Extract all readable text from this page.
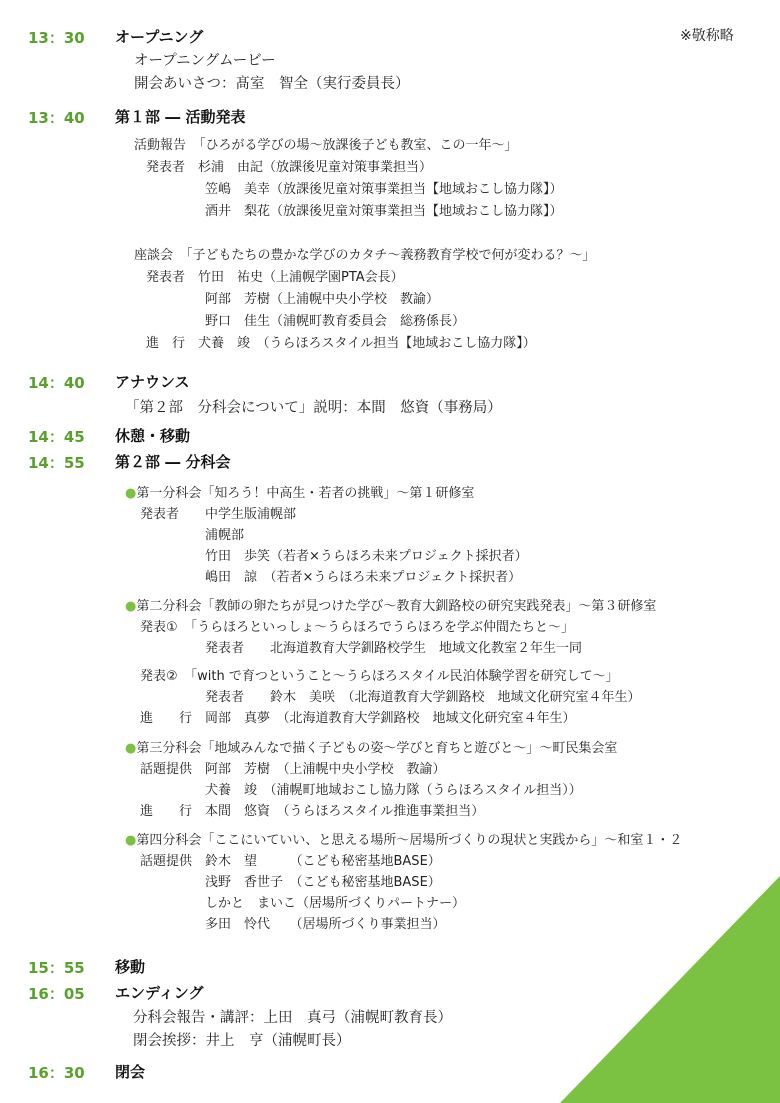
※敬称略
13：30 オープニング
オープニングムービー
開会あいさつ：髙室　智全（実行委員長）
13：40 第１部 ― 活動発表
活動報告　「ひろがる学びの場～放課後子ども教室、この一年～」
発表者　杉浦　由記（放課後児童対策事業担当）
笠嶋　美幸（放課後児童対策事業担当【地域おこし協力隊】）
酒井　梨花（放課後児童対策事業担当【地域おこし協力隊】）
座談会　「子どもたちの豊かな学びのカタチ～義務教育学校で何が変わる？～」
発表者　竹田　祐史（上浦幌学園PTA会長）
阿部　芳樹（上浦幌中央小学校　教諭）
野口　佳生（浦幌町教育委員会　総務係長）
進　行　犬養　竣　（うらほろスタイル担当【地域おこし協力隊】）
14：40 アナウンス
「第２部　分科会について」説明：本間　悠資（事務局）
14：45 休憩・移動
14：55 第２部 ― 分科会
●第一分科会「知ろう！中高生・若者の挑戦」～第１研修室
発表者　　中学生版浦幌部
浦幌部
竹田　歩笑（若者×うらほろ未来プロジェクト採択者）
嶋田　諒　（若者×うらほろ未来プロジェクト採択者）
●第二分科会「教師の卵たちが見つけた学び～教育大釧路校の研究実践発表」～第３研修室
発表①　「うらほろといっしょ～うらほろでうらほろを学ぶ仲間たちと～」
発表者　　北海道教育大学釧路校学生　地域文化教室２年生一同
発表②　「with で育つということ～うらほろスタイル民泊体験学習を研究して～」
発表者　　鈴木　美咲　（北海道教育大学釧路校　地域文化研究室４年生）
進　　行　岡部　真夢　（北海道教育大学釧路校　地域文化研究室４年生）
●第三分科会「地域みんなで描く子どもの姿～学びと育ちと遊びと～」～町民集会室
話題提供　阿部　芳樹　（上浦幌中央小学校　教諭）
犬養　竣　（浦幌町地域おこし協力隊（うらほろスタイル担当））
進　　行　本間　悠資　（うらほろスタイル推進事業担当）
●第四分科会「ここにいていい、と思える場所～居場所づくりの現状と実践から」～和室１・２
話題提供　鈴木　望　　　（こども秘密基地BASE）
浅野　香世子　（こども秘密基地BASE）
しかと　まいこ（居場所づくりパートナー）
多田　怜代　　（居場所づくり事業担当）
15：55 移動
16：05 エンディング
分科会報告・講評：上田　真弓（浦幌町教育長）
閉会挨拶：井上　亨（浦幌町長）
16：30 閉会
